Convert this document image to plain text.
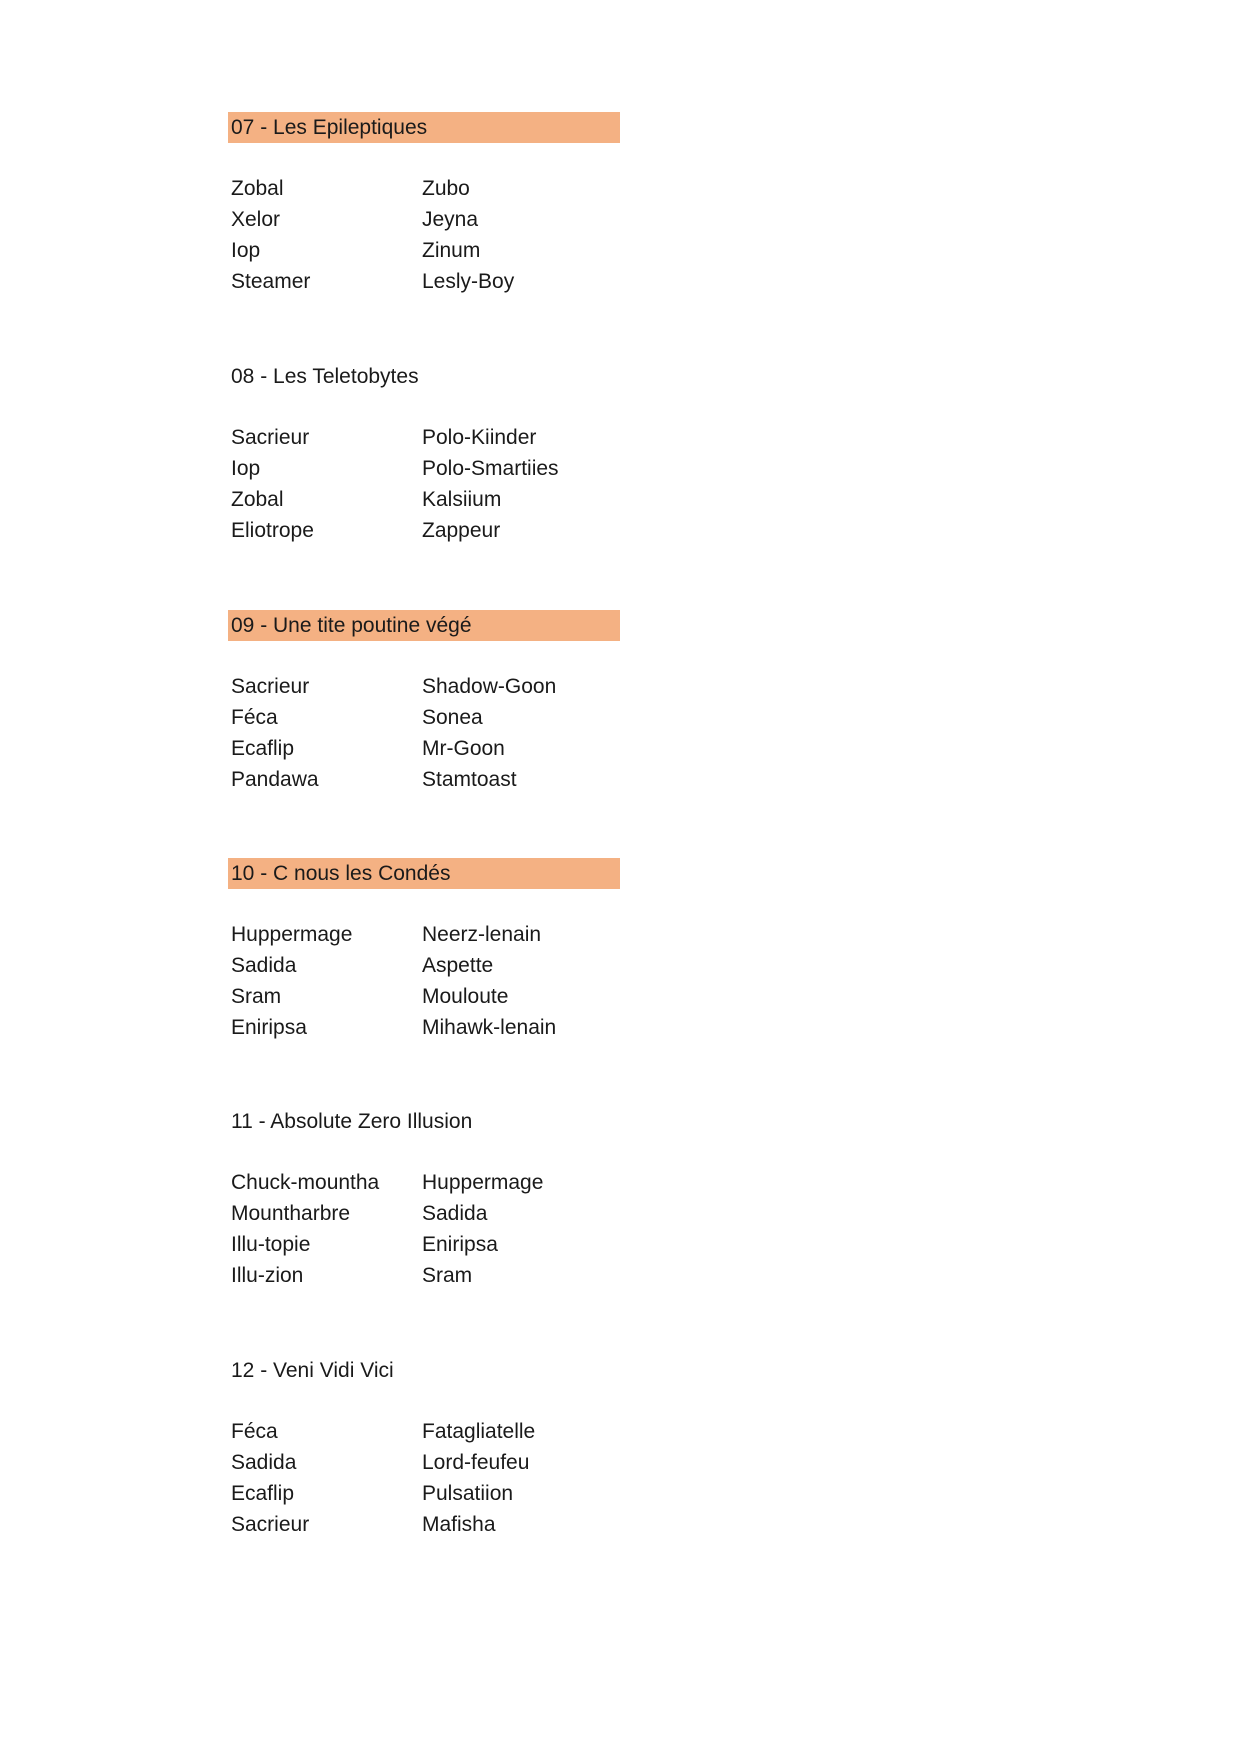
07 - Les Epileptiques
Zobal	Zubo
Xelor	Jeyna
Iop	Zinum
Steamer	Lesly-Boy
08 - Les Teletobytes
Sacrieur	Polo-Kiinder
Iop	Polo-Smartiies
Zobal	Kalsiium
Eliotrope	Zappeur
09 - Une tite poutine végé
Sacrieur	Shadow-Goon
Féca	Sonea
Ecaflip	Mr-Goon
Pandawa	Stamtoast
10 - C nous les Condés
Huppermage	Neerz-lenain
Sadida	Aspette
Sram	Mouloute
Eniripsa	Mihawk-lenain
11 - Absolute Zero Illusion
Chuck-mountha	Huppermage
Mountharbre	Sadida
Illu-topie	Eniripsa
Illu-zion	Sram
12 - Veni Vidi Vici
Féca	Fatagliatelle
Sadida	Lord-feufeu
Ecaflip	Pulsatiion
Sacrieur	Mafisha
